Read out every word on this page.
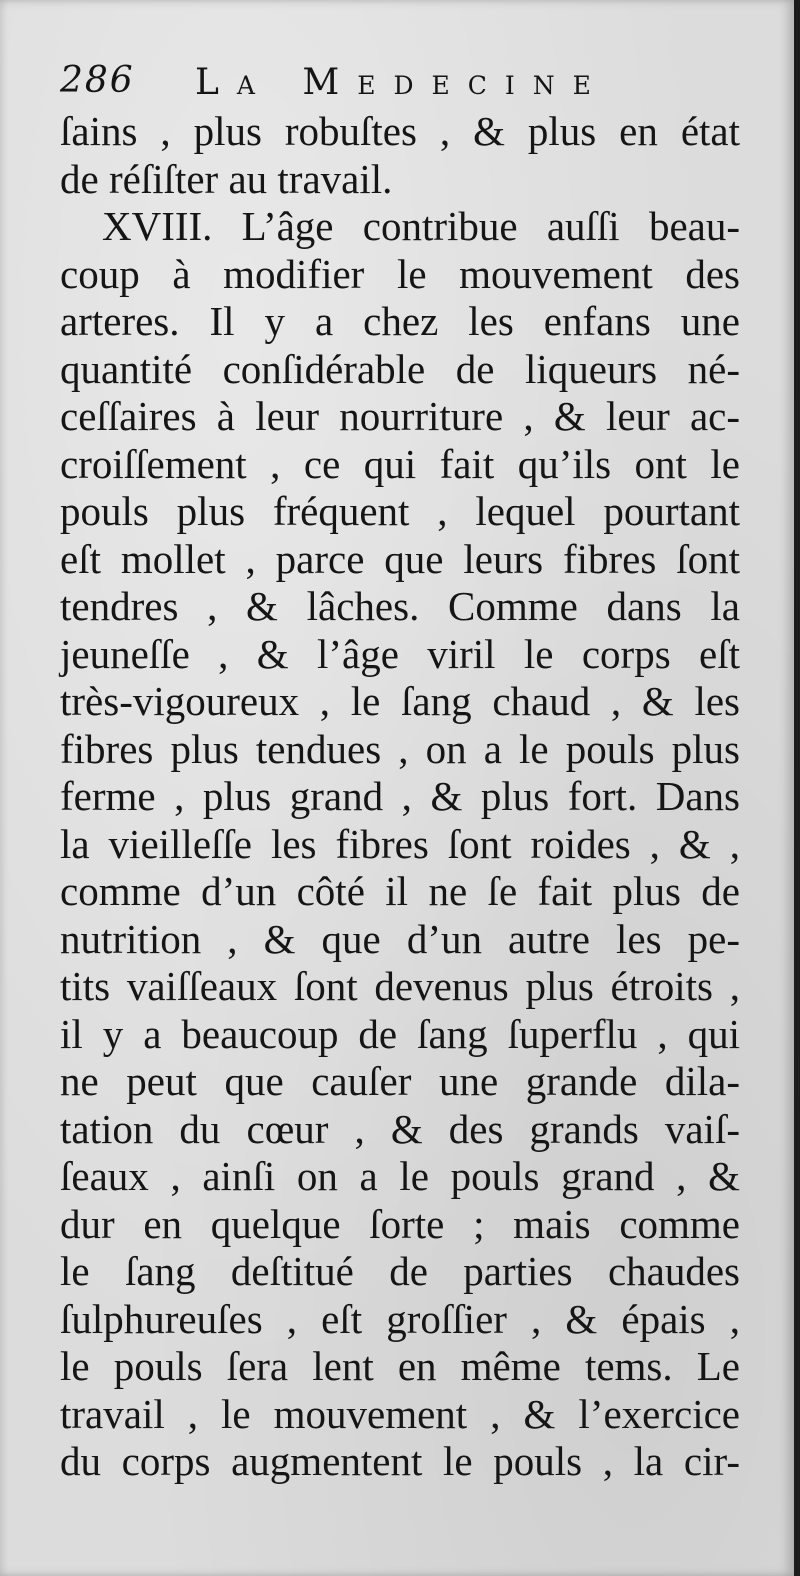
286 La Medecine
ſains , plus robuſtes , & plus en état
de réſiſter au travail.
XVIII. L’âge contribue auſſi beau-
coup à modifier le mouvement des
arteres. Il y a chez les enfans une
quantité conſidérable de liqueurs né-
ceſſaires à leur nourriture , & leur ac-
croiſſement , ce qui fait qu’ils ont le
pouls plus fréquent , lequel pourtant
eſt mollet , parce que leurs fibres ſont
tendres , & lâches. Comme dans la
jeuneſſe , & l’âge viril le corps eſt
très-vigoureux , le ſang chaud , & les
fibres plus tendues , on a le pouls plus
ferme , plus grand , & plus fort. Dans
la vieilleſſe les fibres ſont roides , & ,
comme d’un côté il ne ſe fait plus de
nutrition , & que d’un autre les pe-
tits vaiſſeaux ſont devenus plus étroits ,
il y a beaucoup de ſang ſuperflu , qui
ne peut que cauſer une grande dila-
tation du cœur , & des grands vaiſ-
ſeaux , ainſi on a le pouls grand , &
dur en quelque ſorte ; mais comme
le ſang deſtitué de parties chaudes
ſulphureuſes , eſt groſſier , & épais ,
le pouls ſera lent en même tems. Le
travail , le mouvement , & l’exercice
du corps augmentent le pouls , la cir-
